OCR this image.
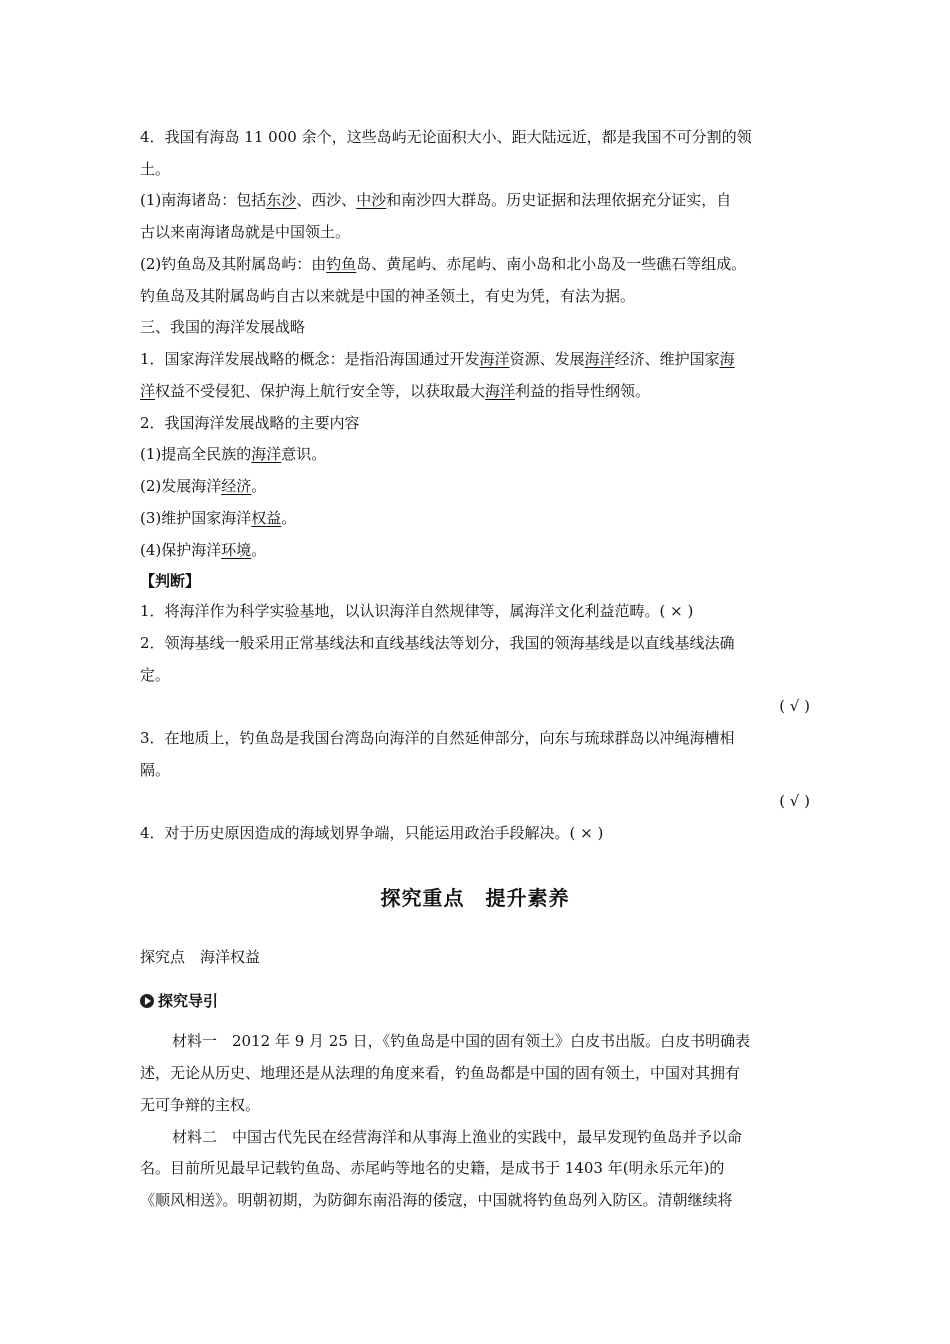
4．我国有海岛 11 000 余个，这些岛屿无论面积大小、距大陆远近，都是我国不可分割的领
土。
(1)南海诸岛：包括东沙、西沙、中沙和南沙四大群岛。历史证据和法理依据充分证实，自
古以来南海诸岛就是中国领土。
(2)钓鱼岛及其附属岛屿：由钓鱼岛、黄尾屿、赤尾屿、南小岛和北小岛及一些礁石等组成。
钓鱼岛及其附属岛屿自古以来就是中国的神圣领土，有史为凭，有法为据。
三、我国的海洋发展战略
1．国家海洋发展战略的概念：是指沿海国通过开发海洋资源、发展海洋经济、维护国家海
洋权益不受侵犯、保护海上航行安全等，以获取最大海洋利益的指导性纲领。
2．我国海洋发展战略的主要内容
(1)提高全民族的海洋意识。
(2)发展海洋经济。
(3)维护国家海洋权益。
(4)保护海洋环境。
【判断】
1．将海洋作为科学实验基地，以认识海洋自然规律等，属海洋文化利益范畴。( × )
2．领海基线一般采用正常基线法和直线基线法等划分，我国的领海基线是以直线基线法确
定。
( √ )
3．在地质上，钓鱼岛是我国台湾岛向海洋的自然延伸部分，向东与琉球群岛以冲绳海槽相
隔。
( √ )
4．对于历史原因造成的海域划界争端，只能运用政治手段解决。( × )
探究重点　提升素养
探究点　海洋权益
探究导引
材料一　2012 年 9 月 25 日，《钓鱼岛是中国的固有领土》白皮书出版。白皮书明确表
述，无论从历史、地理还是从法理的角度来看，钓鱼岛都是中国的固有领土，中国对其拥有
无可争辩的主权。
材料二　中国古代先民在经营海洋和从事海上渔业的实践中，最早发现钓鱼岛并予以命
名。目前所见最早记载钓鱼岛、赤尾屿等地名的史籍，是成书于 1403 年(明永乐元年)的
《顺风相送》。明朝初期，为防御东南沿海的倭寇，中国就将钓鱼岛列入防区。清朝继续将
